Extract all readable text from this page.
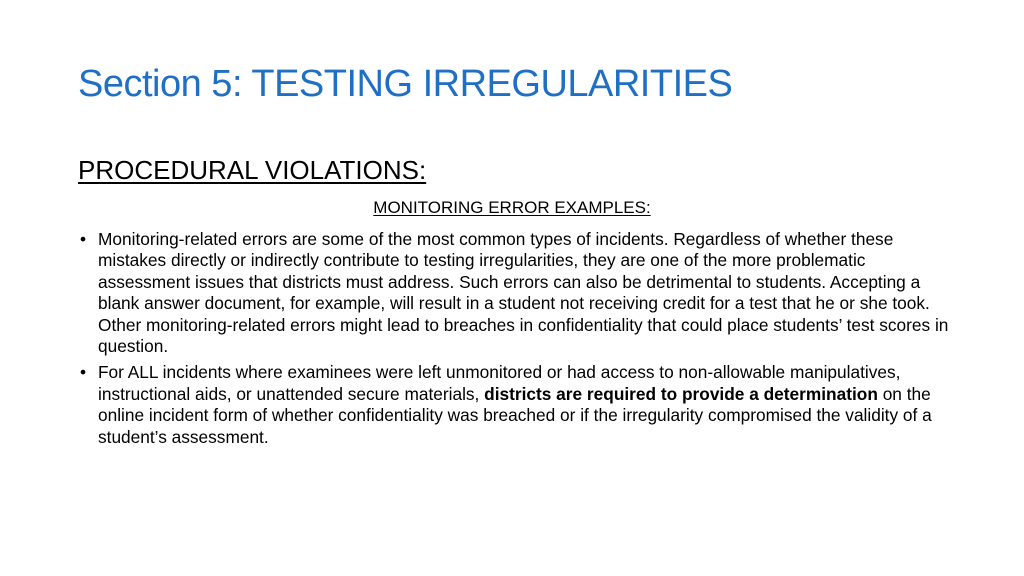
Section 5: TESTING IRREGULARITIES
PROCEDURAL VIOLATIONS:

MONITORING ERROR EXAMPLES:

• Monitoring-related errors are some of the most common types of incidents. Regardless of whether these mistakes directly or indirectly contribute to testing irregularities, they are one of the more problematic assessment issues that districts must address. Such errors can also be detrimental to students. Accepting a blank answer document, for example, will result in a student not receiving credit for a test that he or she took. Other monitoring-related errors might lead to breaches in confidentiality that could place students’ test scores in question.
• For ALL incidents where examinees were left unmonitored or had access to non-allowable manipulatives, instructional aids, or unattended secure materials, districts are required to provide a determination on the online incident form of whether confidentiality was breached or if the irregularity compromised the validity of a student’s assessment.
